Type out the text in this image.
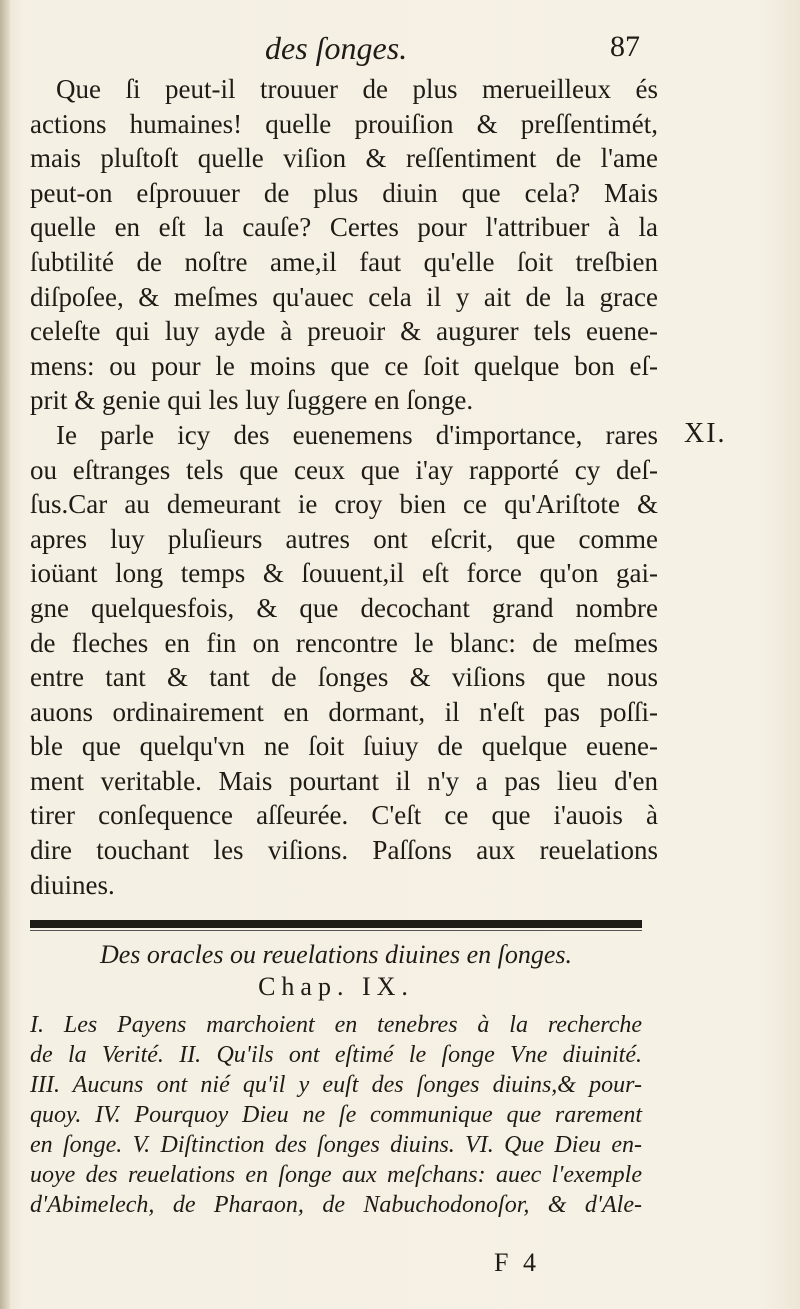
des ſonges.	87
Que ſi peut-il trouuer de plus merueilleux és
actions humaines! quelle prouiſion & preſſentimét,
mais pluſtoſt quelle viſion & reſſentiment de l'ame
peut-on eſprouuer de plus diuin que cela? Mais
quelle en eſt la cauſe? Certes pour l'attribuer à la
ſubtilité de noſtre ame,il faut qu'elle ſoit treſbien
diſpoſee, & meſmes qu'auec cela il y ait de la grace
celeſte qui luy ayde à preuoir & augurer tels euene-
mens: ou pour le moins que ce ſoit quelque bon eſ-
prit & genie qui les luy ſuggere en ſonge.
Ie parle icy des euenemens d'importance, rares
ou eſtranges tels que ceux que i'ay rapporté cy deſ-
ſus.Car au demeurant ie croy bien ce qu'Ariſtote &
apres luy pluſieurs autres ont eſcrit, que comme
ioüant long temps & ſouuent,il eſt force qu'on gai-
gne quelquesfois, & que decochant grand nombre
de fleches en fin on rencontre le blanc: de meſmes
entre tant & tant de ſonges & viſions que nous
auons ordinairement en dormant, il n'eſt pas poſſi-
ble que quelqu'vn ne ſoit ſuiuy de quelque euene-
ment veritable. Mais pourtant il n'y a pas lieu d'en
tirer conſequence aſſeurée. C'eſt ce que i'auois à
dire touchant les viſions. Paſſons aux reuelations
diuines.
XI.
Des oracles ou reuelations diuines en ſonges.
Chap. IX.
I. Les Payens marchoient en tenebres à la recherche
de la Verité. II. Qu'ils ont eſtimé le ſonge Vne diuinité.
III. Aucuns ont nié qu'il y euſt des ſonges diuins,& pour-
quoy. IV. Pourquoy Dieu ne ſe communique que rarement
en ſonge. V. Diſtinction des ſonges diuins. VI. Que Dieu en-
uoye des reuelations en ſonge aux meſchans: auec l'exemple
d'Abimelech, de Pharaon, de Nabuchodonoſor, & d'Ale-
F 4
